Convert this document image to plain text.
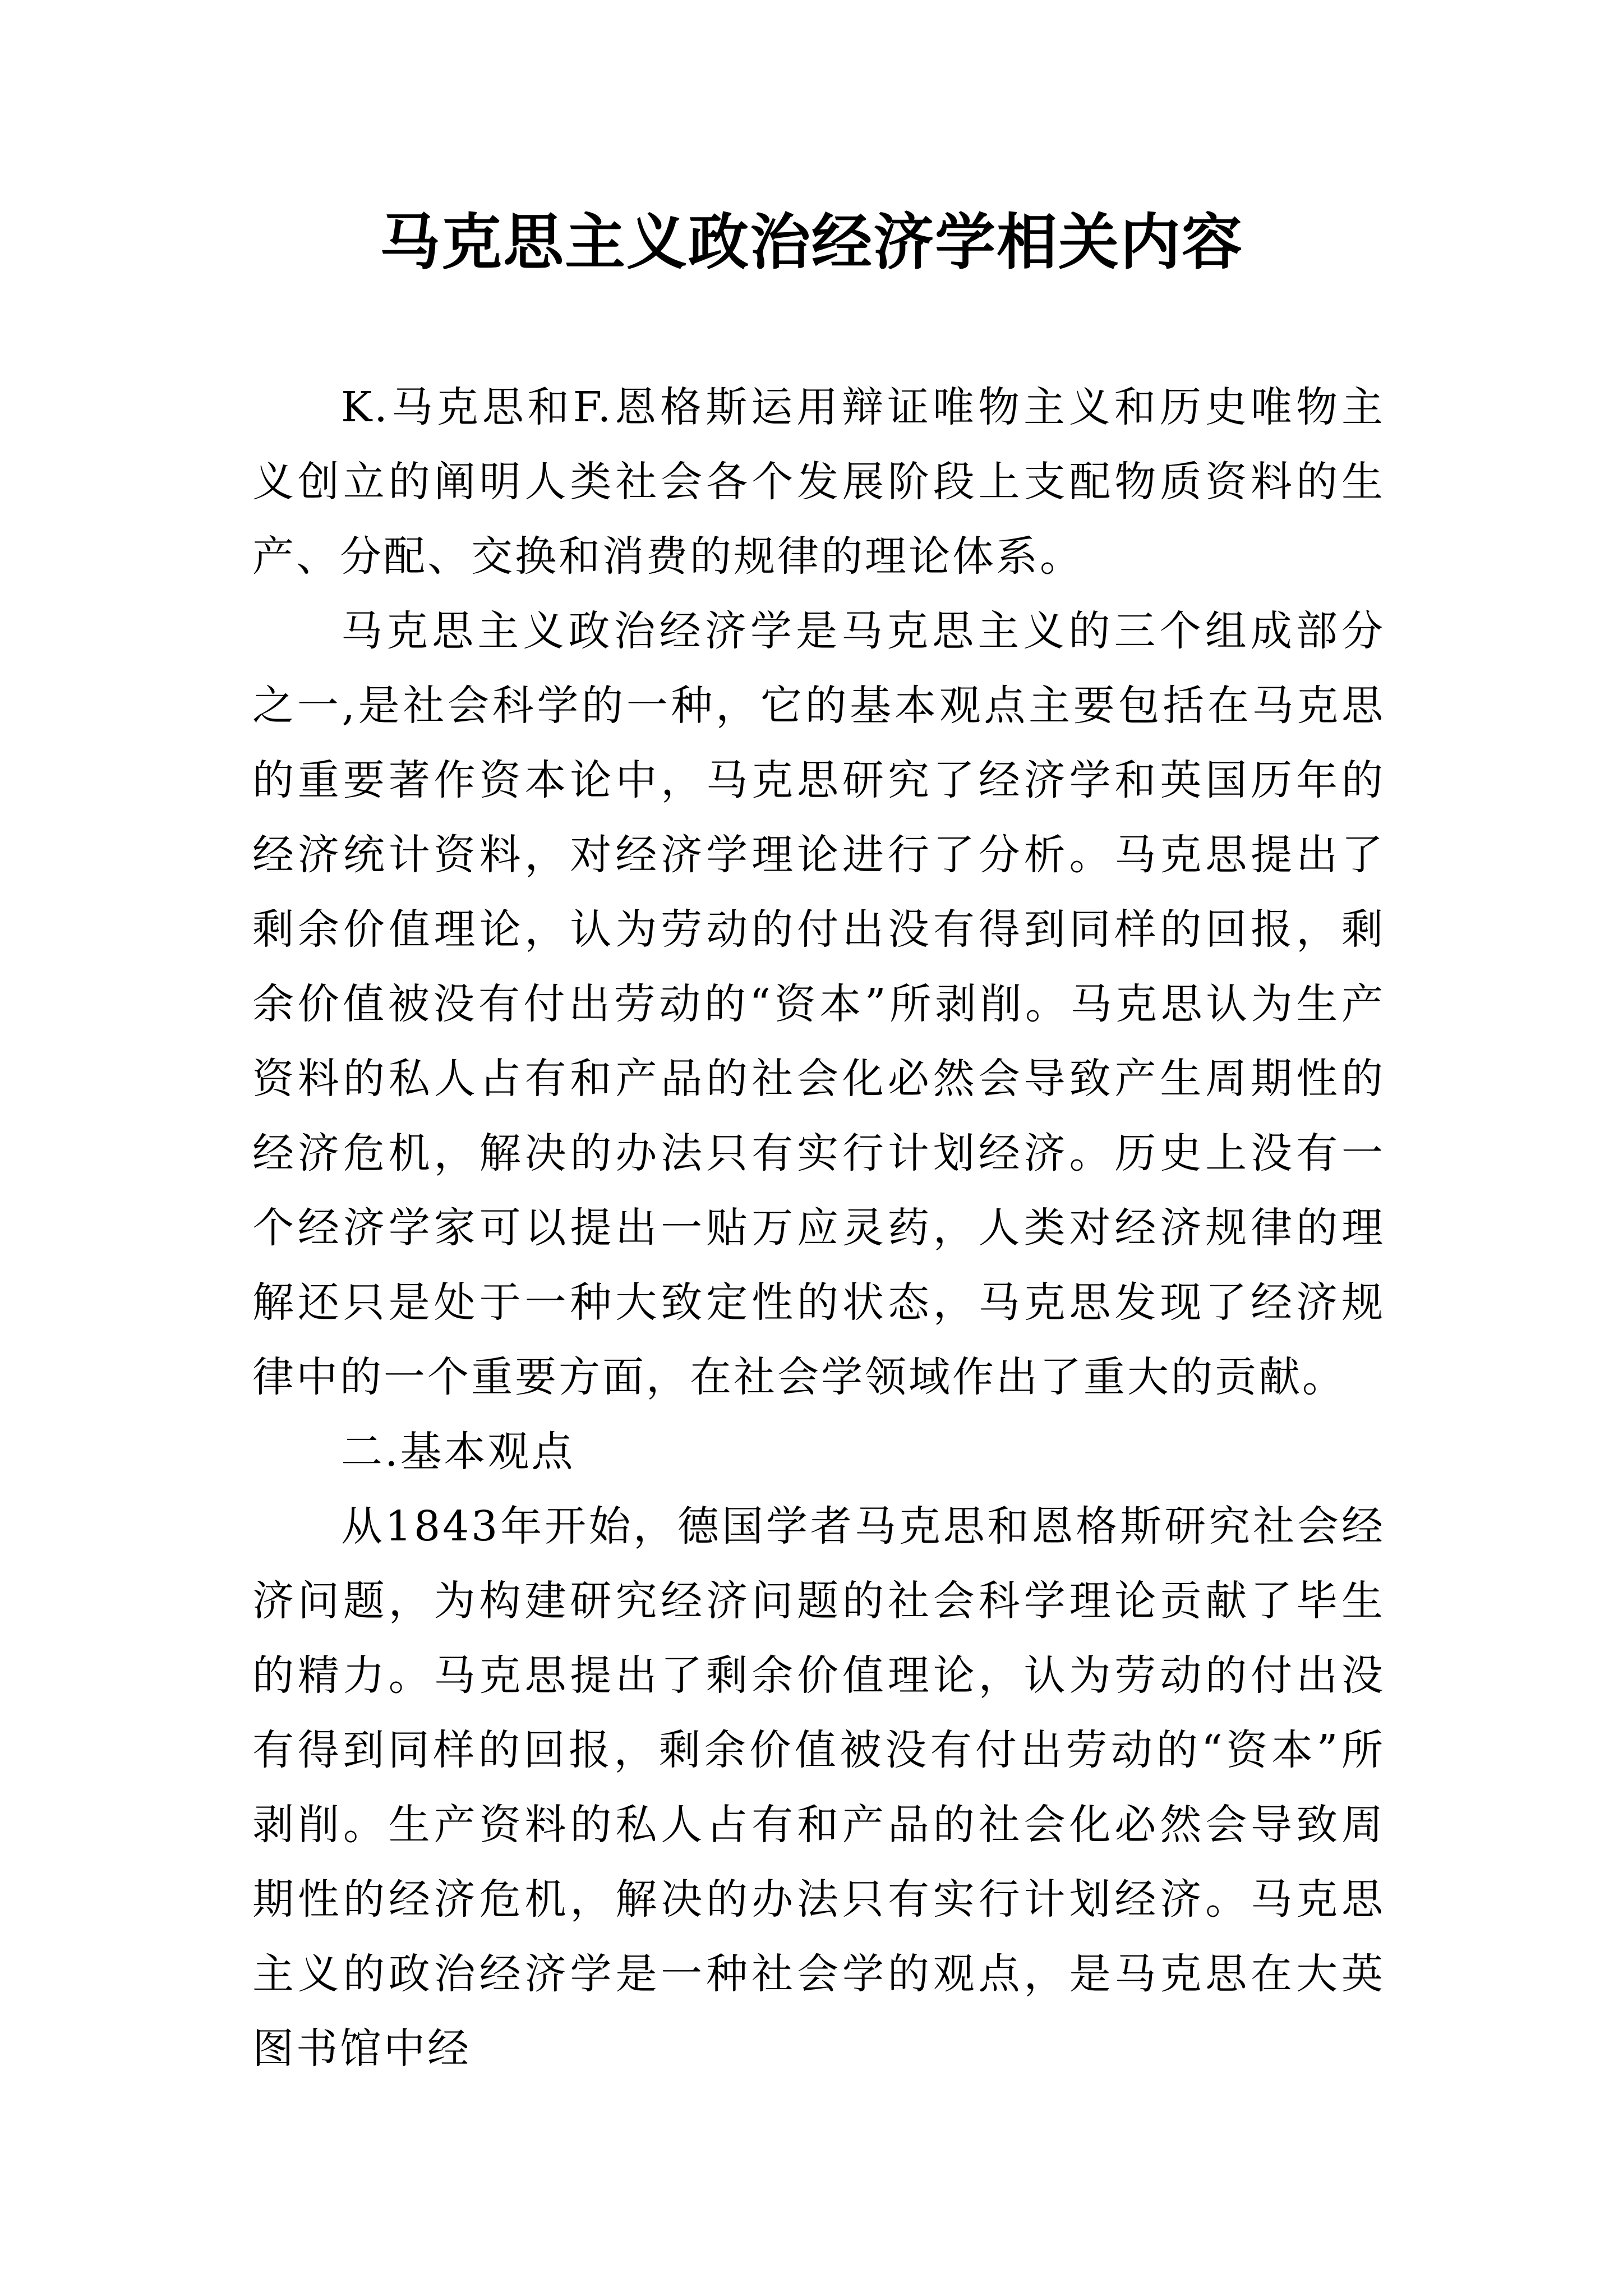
马克思主义政治经济学相关内容

K.马克思和F.恩格斯运用辩证唯物主义和历史唯物主义创立的阐明人类社会各个发展阶段上支配物质资料的生产、分配、交换和消费的规律的理论体系。

马克思主义政治经济学是马克思主义的三个组成部分之一,是社会科学的一种，它的基本观点主要包括在马克思的重要著作资本论中，马克思研究了经济学和英国历年的经济统计资料，对经济学理论进行了分析。马克思提出了剩余价值理论，认为劳动的付出没有得到同样的回报，剩余价值被没有付出劳动的“资本”所剥削。马克思认为生产资料的私人占有和产品的社会化必然会导致产生周期性的经济危机，解决的办法只有实行计划经济。历史上没有一个经济学家可以提出一贴万应灵药，人类对经济规律的理解还只是处于一种大致定性的状态，马克思发现了经济规律中的一个重要方面，在社会学领域作出了重大的贡献。

二.基本观点

从1843年开始，德国学者马克思和恩格斯研究社会经济问题，为构建研究经济问题的社会科学理论贡献了毕生的精力。马克思提出了剩余价值理论，认为劳动的付出没有得到同样的回报，剩余价值被没有付出劳动的“资本”所剥削。生产资料的私人占有和产品的社会化必然会导致周期性的经济危机，解决的办法只有实行计划经济。马克思主义的政治经济学是一种社会学的观点，是马克思在大英图书馆中经
